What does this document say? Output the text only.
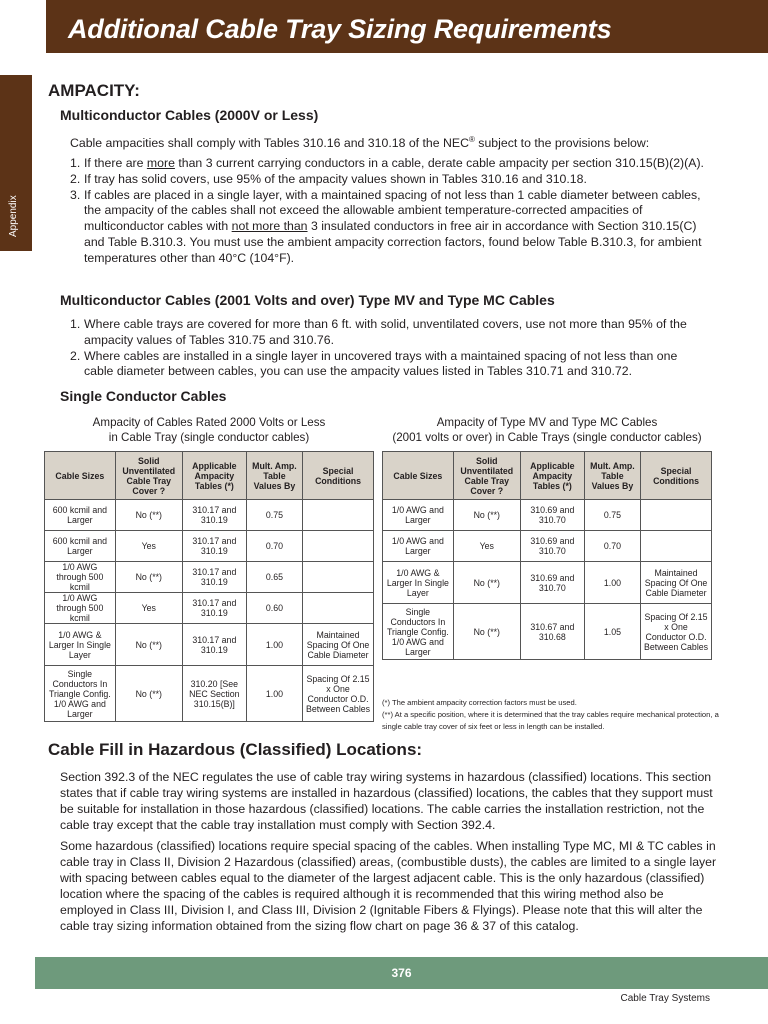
Additional Cable Tray Sizing Requirements
Appendix
AMPACITY:
Multiconductor Cables (2000V or Less)

Cable ampacities shall comply with Tables 310.16 and 310.18 of the NEC® subject to the provisions below:

1. If there are more than 3 current carrying conductors in a cable, derate cable ampacity per section 310.15(B)(2)(A).
2. If tray has solid covers, use 95% of the ampacity values shown in Tables 310.16 and 310.18.
3. If cables are placed in a single layer, with a maintained spacing of not less than 1 cable diameter between cables, the ampacity of the cables shall not exceed the allowable ambient temperature-corrected ampacities of multiconductor cables with not more than 3 insulated conductors in free air in accordance with Section 310.15(C) and Table B.310.3. You must use the ambient ampacity correction factors, found below Table B.310.3, for ambient temperatures other than 40°C (104°F).
Multiconductor Cables (2001 Volts and over) Type MV and Type MC Cables
1. Where cable trays are covered for more than 6 ft. with solid, unventilated covers, use not more than 95% of the ampacity values of Tables 310.75 and 310.76.
2. Where cables are installed in a single layer in uncovered trays with a maintained spacing of not less than one cable diameter between cables, you can use the ampacity values listed in Tables 310.71 and 310.72.
Single Conductor Cables
Ampacity of Cables Rated 2000 Volts or Less
in Cable Tray (single conductor cables)
Ampacity of Type MV and Type MC Cables
(2001 volts or over) in Cable Trays (single conductor cables)
Cable Sizes	Solid Unventilated Cable Tray Cover ?	Applicable Ampacity Tables (*)	Mult. Amp. Table Values By	Special Conditions
600 kcmil and Larger	No (**)	310.17 and 310.19	0.75	
600 kcmil and Larger	Yes	310.17 and 310.19	0.70	
1/0 AWG through 500 kcmil	No (**)	310.17 and 310.19	0.65	
1/0 AWG through 500 kcmil	Yes	310.17 and 310.19	0.60	
1/0 AWG & Larger In Single Layer	No (**)	310.17 and 310.19	1.00	Maintained Spacing Of One Cable Diameter
Single Conductors In Triangle Config. 1/0 AWG and Larger	No (**)	310.20 [See NEC Section 310.15(B)]	1.00	Spacing Of 2.15 x One Conductor O.D. Between Cables
Cable Sizes	Solid Unventilated Cable Tray Cover ?	Applicable Ampacity Tables (*)	Mult. Amp. Table Values By	Special Conditions
1/0 AWG and Larger	No (**)	310.69 and 310.70	0.75	
1/0 AWG and Larger	Yes	310.69 and 310.70	0.70	
1/0 AWG & Larger In Single Layer	No (**)	310.69 and 310.70	1.00	Maintained Spacing Of One Cable Diameter
Single Conductors In Triangle Config. 1/0 AWG and Larger	No (**)	310.67 and 310.68	1.05	Spacing Of 2.15 x One Conductor O.D. Between Cables
(*) The ambient ampacity correction factors must be used.
(**) At a specific position, where it is determined that the tray cables require mechanical protection, a single cable tray cover of six feet or less in length can be installed.
Cable Fill in Hazardous (Classified) Locations:

Section 392.3 of the NEC regulates the use of cable tray wiring systems in hazardous (classified) locations. This section states that if cable tray wiring systems are installed in hazardous (classified) locations, the cables that they support must be suitable for installation in those hazardous (classified) locations. The cable carries the installation restriction, not the cable tray except that the cable tray installation must comply with Section 392.4.

Some hazardous (classified) locations require special spacing of the cables. When installing Type MC, MI & TC cables in cable tray in Class II, Division 2 Hazardous (classified) areas, (combustible dusts), the cables are limited to a single layer with spacing between cables equal to the diameter of the largest adjacent cable. This is the only hazardous (classified) location where the spacing of the cables is required although it is recommended that this wiring method also be employed in Class III, Division I, and Class III, Division 2 (Ignitable Fibers & Flyings). Please note that this will alter the cable tray sizing information obtained from the sizing flow chart on page 36 & 37 of this catalog.

376
Cable Tray Systems
